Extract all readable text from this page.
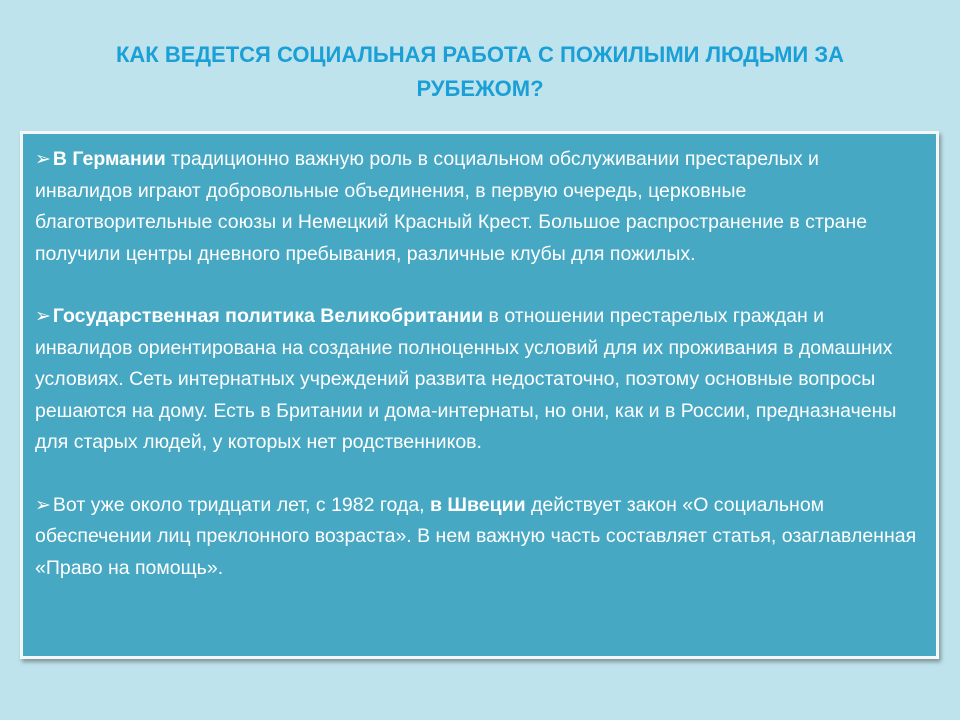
КАК ВЕДЕТСЯ СОЦИАЛЬНАЯ РАБОТА С ПОЖИЛЫМИ ЛЮДЬМИ ЗА РУБЕЖОМ?

➢ В Германии традиционно важную роль в социальном обслуживании престарелых и инвалидов играют добровольные объединения, в первую очередь, церковные благотворительные союзы и Немецкий Красный Крест. Большое распространение в стране получили центры дневного пребывания, различные клубы для пожилых.

➢ Государственная политика Великобритании в отношении престарелых граждан и инвалидов ориентирована на создание полноценных условий для их проживания в домашних условиях. Сеть интернатных учреждений развита недостаточно, поэтому основные вопросы решаются на дому. Есть в Британии и дома-интернаты, но они, как и в России, предназначены для старых людей, у которых нет родственников.

➢ Вот уже около тридцати лет, с 1982 года, в Швеции действует закон «О социальном обеспечении лиц преклонного возраста». В нем важную часть составляет статья, озаглавленная «Право на помощь».
